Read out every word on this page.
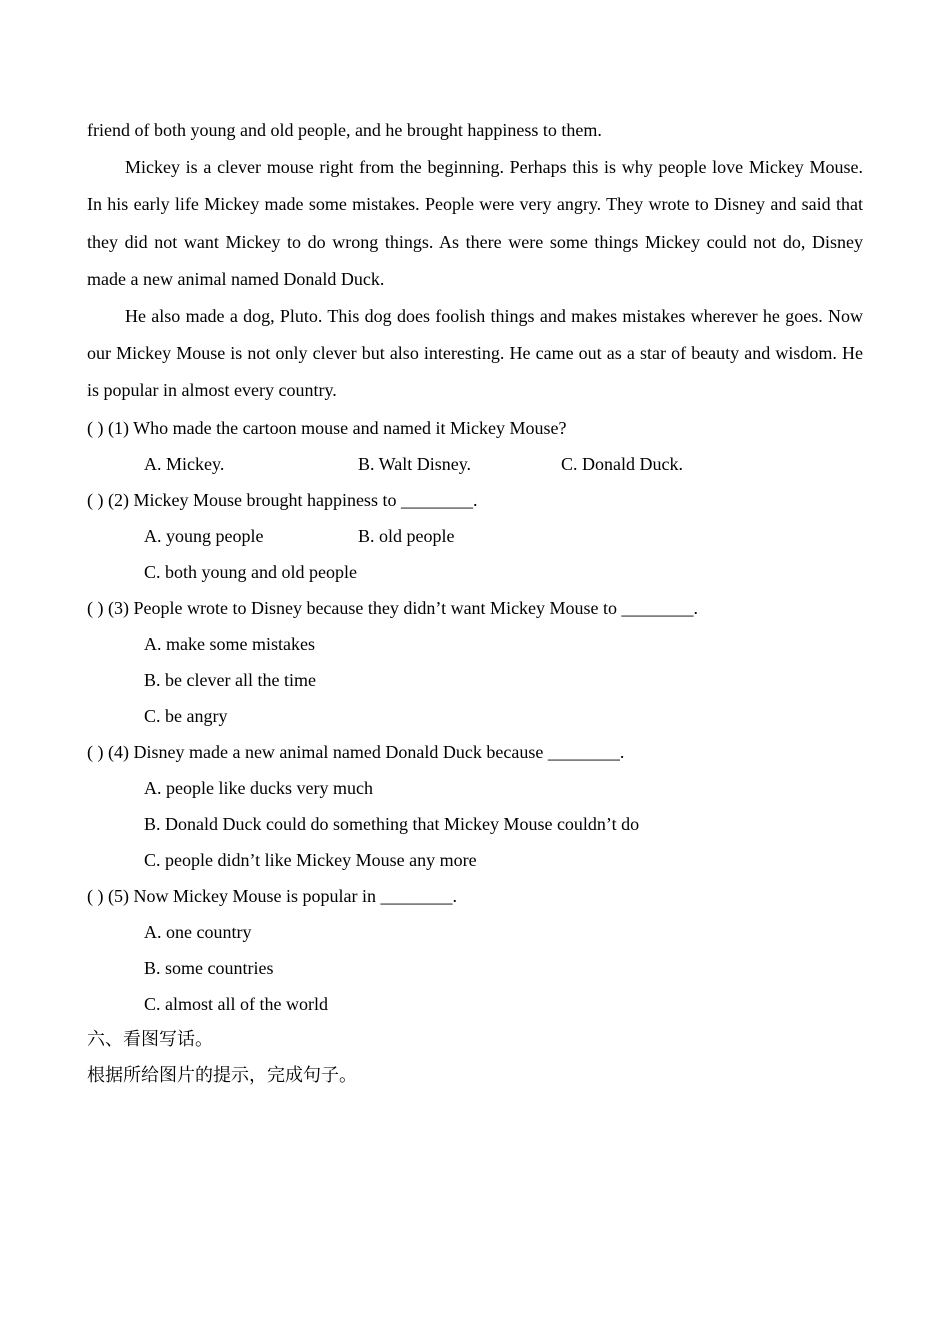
friend of both young and old people, and he brought happiness to them.

Mickey is a clever mouse right from the beginning. Perhaps this is why people love Mickey Mouse. In his early life Mickey made some mistakes. People were very angry. They wrote to Disney and said that they did not want Mickey to do wrong things. As there were some things Mickey could not do, Disney made a new animal named Donald Duck.

He also made a dog, Pluto. This dog does foolish things and makes mistakes wherever he goes. Now our Mickey Mouse is not only clever but also interesting. He came out as a star of beauty and wisdom. He is popular in almost every country.

( ) (1) Who made the cartoon mouse and named it Mickey Mouse?

A. Mickey.	B. Walt Disney.	C. Donald Duck.

( ) (2) Mickey Mouse brought happiness to ________.

A. young people	B. old people

C. both young and old people

( ) (3) People wrote to Disney because they didn’t want Mickey Mouse to ________.

A. make some mistakes

B. be clever all the time

C. be angry

( ) (4) Disney made a new animal named Donald Duck because ________.

A. people like ducks very much

B. Donald Duck could do something that Mickey Mouse couldn’t do

C. people didn’t like Mickey Mouse any more

( ) (5) Now Mickey Mouse is popular in ________.

A. one country

B. some countries

C. almost all of the world

六、看图写话。

根据所给图片的提示，完成句子。
